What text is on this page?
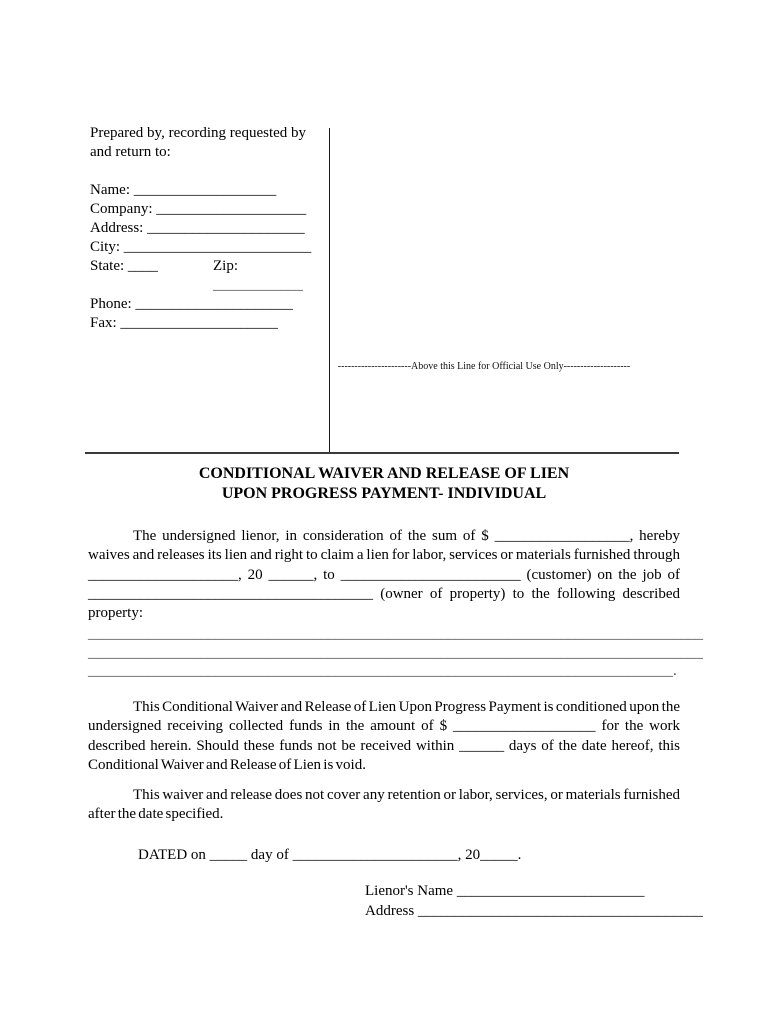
Prepared by, recording requested by
and return to:
Name: ___________________
Company: ____________________
Address: _____________________
City: _________________________
State: ____	Zip:
____________
Phone: _____________________
Fax: _____________________
----------------------Above this Line for Official Use Only--------------------
CONDITIONAL WAIVER AND RELEASE OF LIEN
UPON PROGRESS PAYMENT- INDIVIDUAL

The undersigned lienor, in consideration of the sum of $ __________________, hereby waives and releases its lien and right to claim a lien for labor, services or materials furnished through ____________________, 20 ______, to ________________________ (customer) on the job of ______________________________________ (owner of property) to the following described property:

__________________________________________________________________________________
__________________________________________________________________________________
______________________________________________________________________________.

This Conditional Waiver and Release of Lien Upon Progress Payment is conditioned upon the undersigned receiving collected funds in the amount of $ ___________________ for the work described herein. Should these funds not be received within ______ days of the date hereof, this Conditional Waiver and Release of Lien is void.

This waiver and release does not cover any retention or labor, services, or materials furnished after the date specified.

DATED on _____ day of ______________________, 20_____.

Lienor's Name _________________________
Address ______________________________________
